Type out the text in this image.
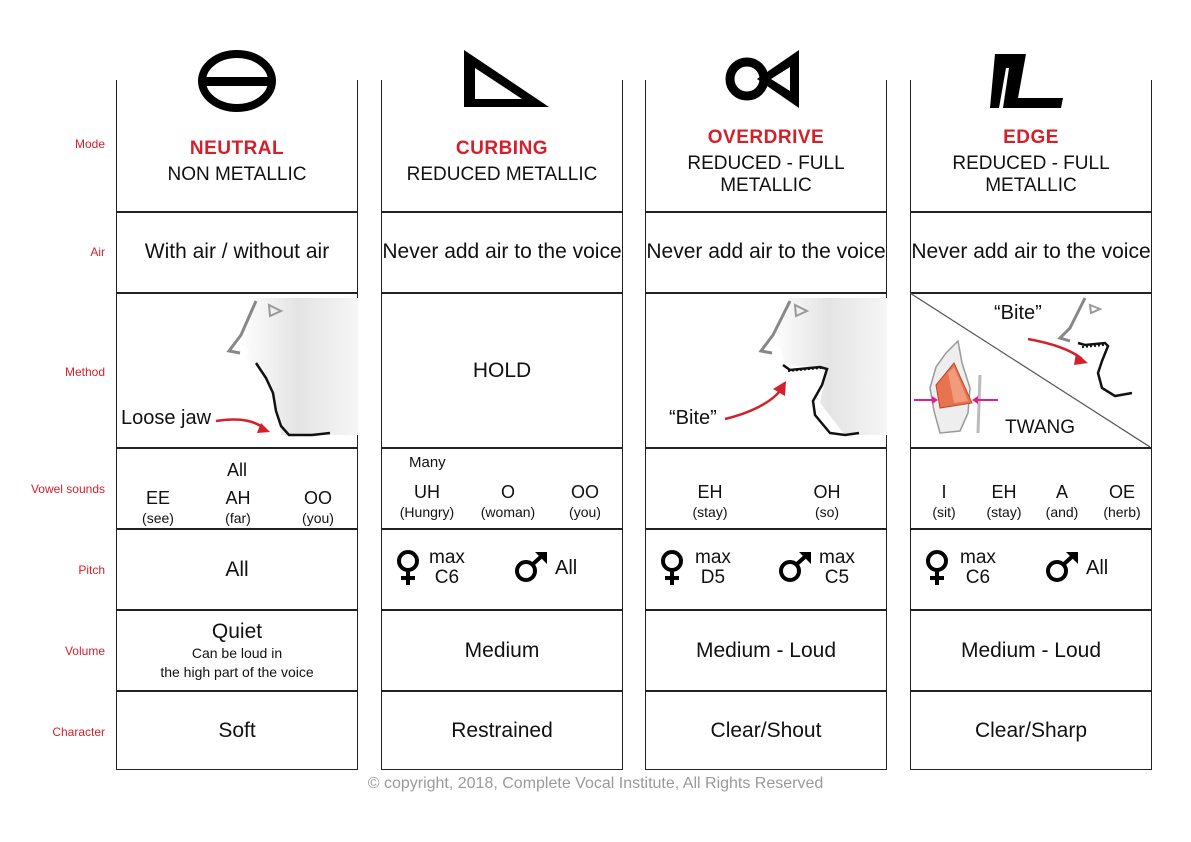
Mode
Air
Method
Vowel sounds
Pitch
Volume
Character
NEUTRAL
NON METALLIC
With air / without air
Loose jaw
All
EE
(see)
AH
(far)
OO
(you)
All
Quiet
Can be loud in
the high part of the voice
Soft
CURBING
REDUCED METALLIC
Never add air to the voice
HOLD
Many
UH
(Hungry)
O
(woman)
OO
(you)
max
C6	All
Medium
Restrained
OVERDRIVE
REDUCED - FULL METALLIC
Never add air to the voice
“Bite”
EH
(stay)
OH
(so)
max
D5
max
C5
Medium - Loud
Clear/Shout
EDGE
REDUCED - FULL METALLIC
Never add air to the voice
“Bite”
TWANG
I
(sit)
EH
(stay)
A
(and)
OE
(herb)
max
C6	All
Medium - Loud
Clear/Sharp
© copyright, 2018, Complete Vocal Institute, All Rights Reserved
